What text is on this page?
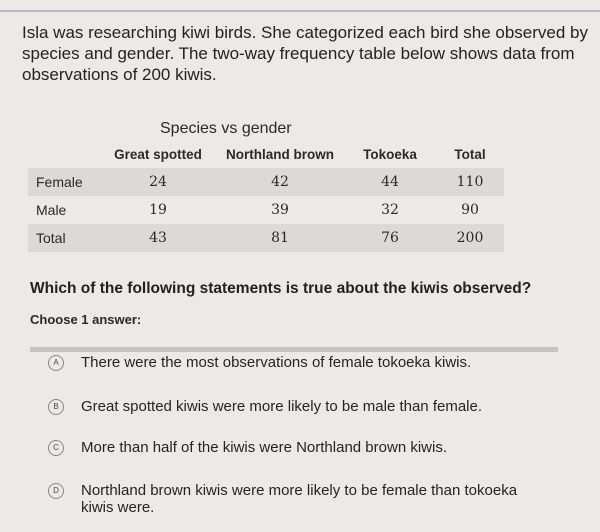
Isla was researching kiwi birds. She categorized each bird she observed by species and gender. The two-way frequency table below shows data from observations of 200 kiwis.
Species vs gender
	Great spotted	Northland brown	Tokoeka	Total
Female	24	42	44	110
Male	19	39	32	90
Total	43	81	76	200
Which of the following statements is true about the kiwis observed?
Choose 1 answer:
A	There were the most observations of female tokoeka kiwis.
B	Great spotted kiwis were more likely to be male than female.
C	More than half of the kiwis were Northland brown kiwis.
D	Northland brown kiwis were more likely to be female than tokoeka kiwis were.
